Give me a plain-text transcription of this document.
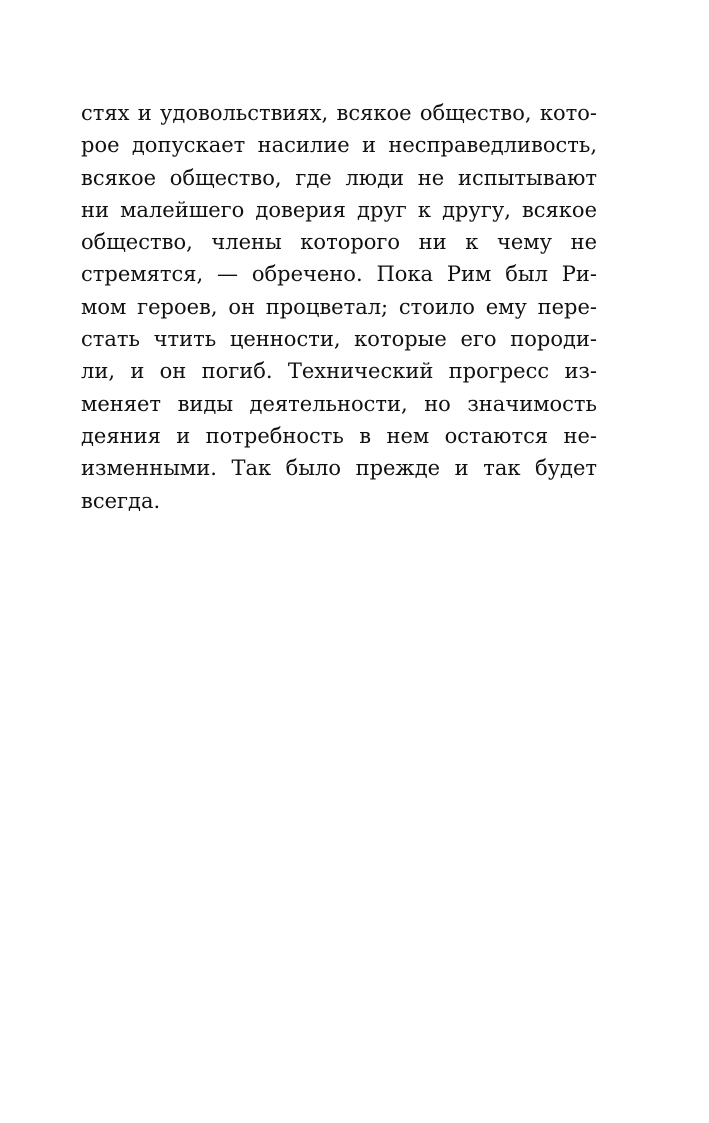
стях и удовольствиях, всякое общество, кото-
рое допускает насилие и несправедливость,
всякое общество, где люди не испытывают
ни малейшего доверия друг к другу, всякое
общество, члены которого ни к чему не
стремятся, — обречено. Пока Рим был Ри-
мом героев, он процветал; стоило ему пере-
стать чтить ценности, которые его породи-
ли, и он погиб. Технический прогресс из-
меняет виды деятельности, но значимость
деяния и потребность в нем остаются не-
изменными. Так было прежде и так будет
всегда.
